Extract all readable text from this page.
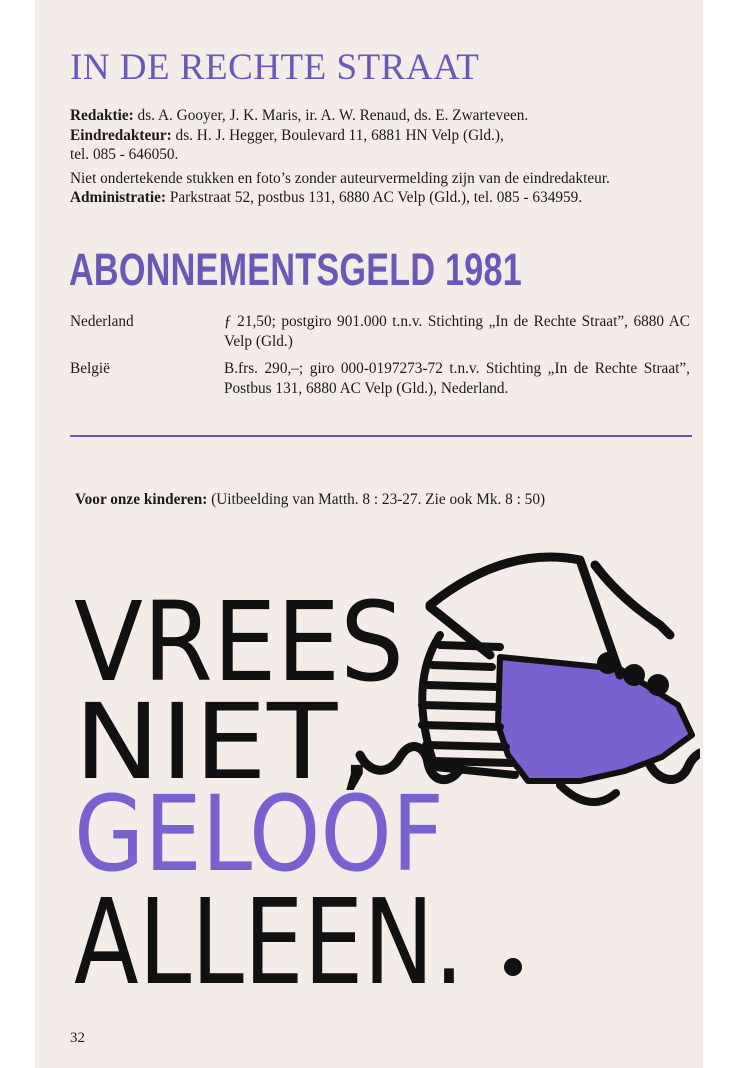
IN DE RECHTE STRAAT

Redaktie: ds. A. Gooyer, J. K. Maris, ir. A. W. Renaud, ds. E. Zwarteveen.

Eindredakteur: ds. H. J. Hegger, Boulevard 11, 6881 HN Velp (Gld.),

tel. 085 - 646050.

Niet ondertekende stukken en foto’s zonder auteurvermelding zijn van de eindredakteur.

Administratie: Parkstraat 52, postbus 131, 6880 AC Velp (Gld.), tel. 085 - 634959.

ABONNEMENTSGELD 1981
Nederland	ƒ 21,50; postgiro 901.000 t.n.v. Stichting „In de Rechte Straat”, 6880 AC Velp (Gld.)
België	B.frs. 290,–; giro 000-0197273-72 t.n.v. Stichting „In de Rechte Straat”, Postbus 131, 6880 AC Velp (Gld.), Nederland.
Voor onze kinderen: (Uitbeelding van Matth. 8 : 23-27. Zie ook Mk. 8 : 50)
VREES
NIET,
GELOOF
ALLEEN.
32
